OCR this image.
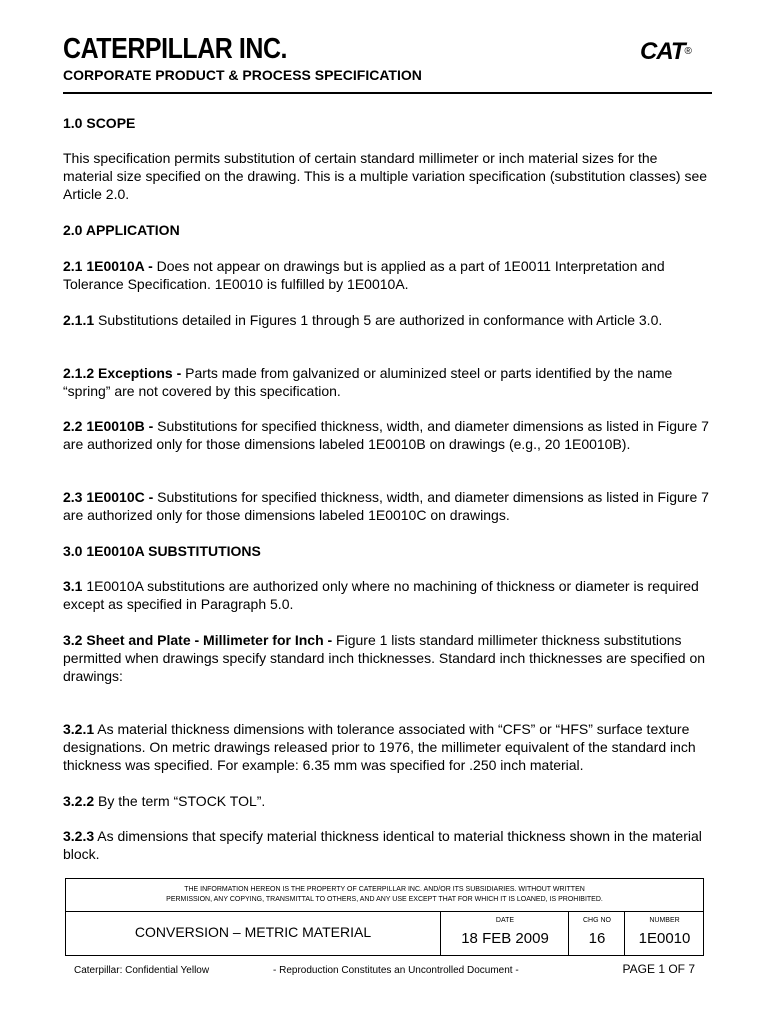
CATERPILLAR INC.
CORPORATE PRODUCT & PROCESS SPECIFICATION
CAT®
1.0 SCOPE
This specification permits substitution of certain standard millimeter or inch material sizes for the material size specified on the drawing. This is a multiple variation specification (substitution classes) see Article 2.0.
2.0 APPLICATION
2.1 1E0010A - Does not appear on drawings but is applied as a part of 1E0011 Interpretation and Tolerance Specification. 1E0010 is fulfilled by 1E0010A.
2.1.1 Substitutions detailed in Figures 1 through 5 are authorized in conformance with Article 3.0.
2.1.2 Exceptions - Parts made from galvanized or aluminized steel or parts identified by the name “spring” are not covered by this specification.
2.2 1E0010B - Substitutions for specified thickness, width, and diameter dimensions as listed in Figure 7 are authorized only for those dimensions labeled 1E0010B on drawings (e.g., 20 1E0010B).
2.3 1E0010C - Substitutions for specified thickness, width, and diameter dimensions as listed in Figure 7 are authorized only for those dimensions labeled 1E0010C on drawings.
3.0 1E0010A SUBSTITUTIONS
3.1 1E0010A substitutions are authorized only where no machining of thickness or diameter is required except as specified in Paragraph 5.0.
3.2 Sheet and Plate - Millimeter for Inch - Figure 1 lists standard millimeter thickness substitutions permitted when drawings specify standard inch thicknesses. Standard inch thicknesses are specified on drawings:
3.2.1 As material thickness dimensions with tolerance associated with “CFS” or “HFS” surface texture designations. On metric drawings released prior to 1976, the millimeter equivalent of the standard inch thickness was specified. For example: 6.35 mm was specified for .250 inch material.
3.2.2 By the term “STOCK TOL”.
3.2.3 As dimensions that specify material thickness identical to material thickness shown in the material block.
THE INFORMATION HEREON IS THE PROPERTY OF CATERPILLAR INC. AND/OR ITS SUBSIDIARIES. WITHOUT WRITTEN
PERMISSION, ANY COPYING, TRANSMITTAL TO OTHERS, AND ANY USE EXCEPT THAT FOR WHICH IT IS LOANED, IS PROHIBITED.
CONVERSION – METRIC MATERIAL
DATE
18 FEB 2009
CHG NO
16
NUMBER
1E0010
Caterpillar: Confidential Yellow	- Reproduction Constitutes an Uncontrolled Document -	PAGE 1 OF 7
